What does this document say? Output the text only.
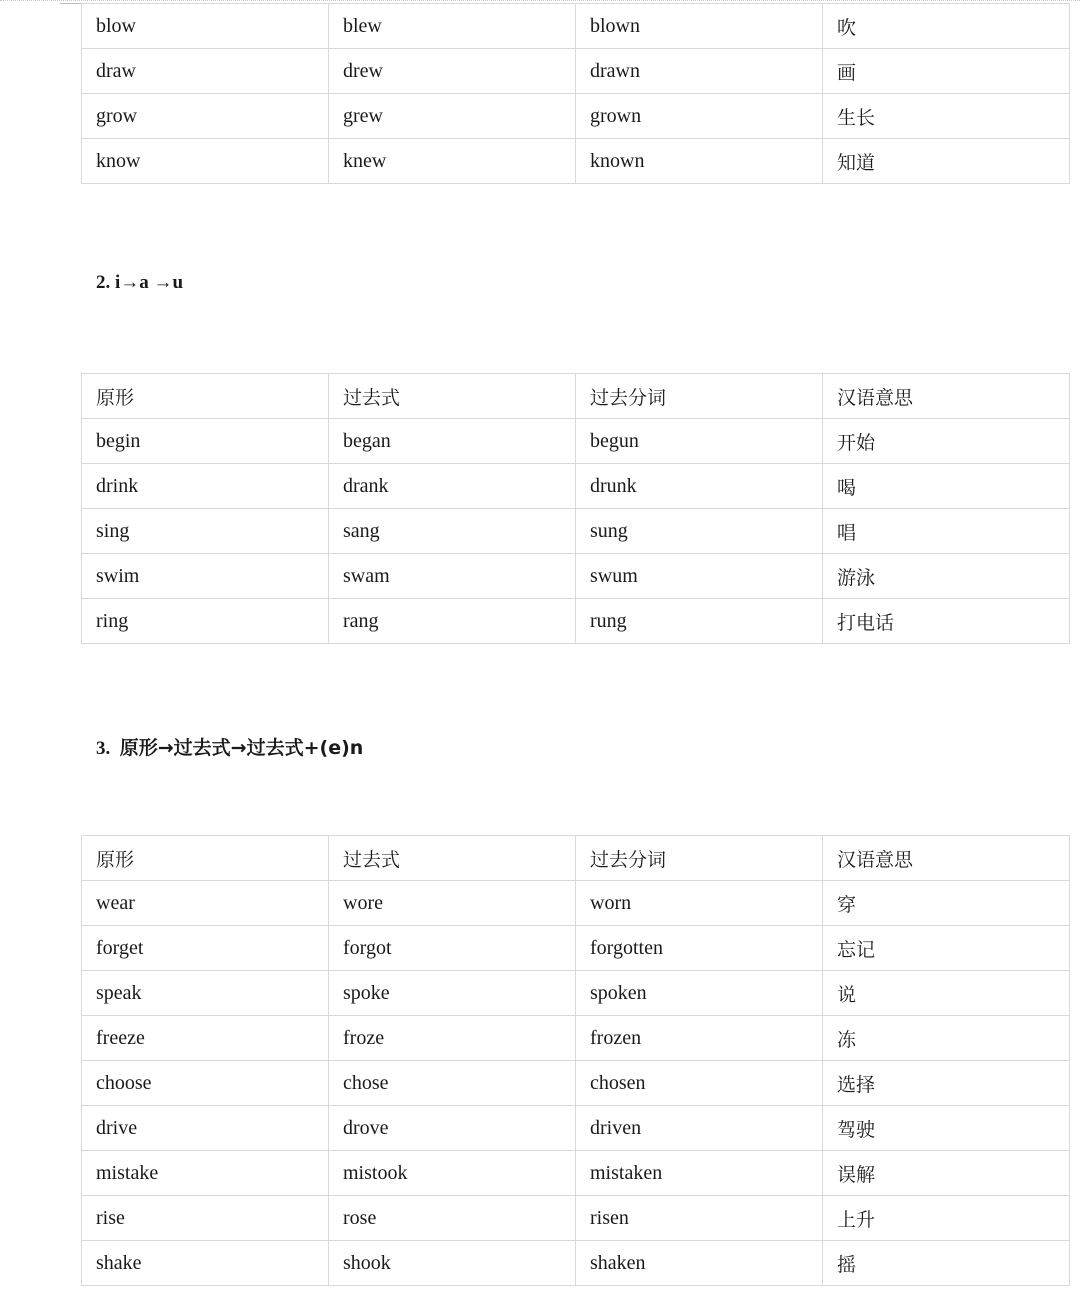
blow	blew	blown	吹
draw	drew	drawn	画
grow	grew	grown	生长
know	knew	known	知道
2. i→a →u
原形	过去式	过去分词	汉语意思
begin	began	begun	开始
drink	drank	drunk	喝
sing	sang	sung	唱
swim	swam	swum	游泳
ring	rang	rung	打电话
3. 原形→过去式→过去式+(e)n
原形	过去式	过去分词	汉语意思
wear	wore	worn	穿
forget	forgot	forgotten	忘记
speak	spoke	spoken	说
freeze	froze	frozen	冻
choose	chose	chosen	选择
drive	drove	driven	驾驶
mistake	mistook	mistaken	误解
rise	rose	risen	上升
shake	shook	shaken	摇
